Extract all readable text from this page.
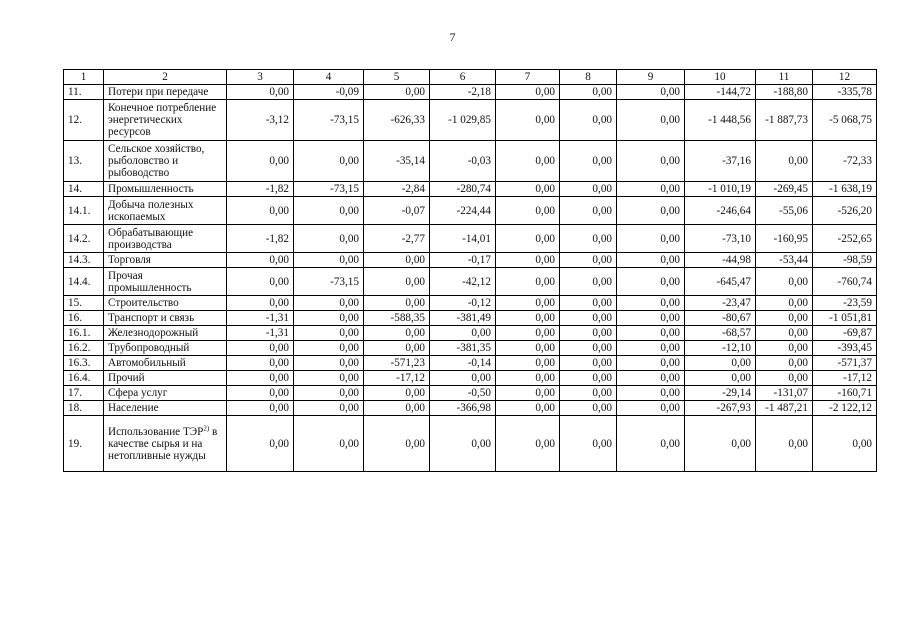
7
1	2	3	4	5	6	7	8	9	10	11	12
11.	Потери при передаче	0,00	-0,09	0,00	-2,18	0,00	0,00	0,00	-144,72	-188,80	-335,78
12.	Конечное потребление энергетических ресурсов	-3,12	-73,15	-626,33	-1 029,85	0,00	0,00	0,00	-1 448,56	-1 887,73	-5 068,75
13.	Сельское хозяйство, рыболовство и рыбоводство	0,00	0,00	-35,14	-0,03	0,00	0,00	0,00	-37,16	0,00	-72,33
14.	Промышленность	-1,82	-73,15	-2,84	-280,74	0,00	0,00	0,00	-1 010,19	-269,45	-1 638,19
14.1.	Добыча полезных ископаемых	0,00	0,00	-0,07	-224,44	0,00	0,00	0,00	-246,64	-55,06	-526,20
14.2.	Обрабатывающие производства	-1,82	0,00	-2,77	-14,01	0,00	0,00	0,00	-73,10	-160,95	-252,65
14.3.	Торговля	0,00	0,00	0,00	-0,17	0,00	0,00	0,00	-44,98	-53,44	-98,59
14.4.	Прочая промышленность	0,00	-73,15	0,00	-42,12	0,00	0,00	0,00	-645,47	0,00	-760,74
15.	Строительство	0,00	0,00	0,00	-0,12	0,00	0,00	0,00	-23,47	0,00	-23,59
16.	Транспорт и связь	-1,31	0,00	-588,35	-381,49	0,00	0,00	0,00	-80,67	0,00	-1 051,81
16.1.	Железнодорожный	-1,31	0,00	0,00	0,00	0,00	0,00	0,00	-68,57	0,00	-69,87
16.2.	Трубопроводный	0,00	0,00	0,00	-381,35	0,00	0,00	0,00	-12,10	0,00	-393,45
16.3.	Автомобильный	0,00	0,00	-571,23	-0,14	0,00	0,00	0,00	0,00	0,00	-571,37
16.4.	Прочий	0,00	0,00	-17,12	0,00	0,00	0,00	0,00	0,00	0,00	-17,12
17.	Сфера услуг	0,00	0,00	0,00	-0,50	0,00	0,00	0,00	-29,14	-131,07	-160,71
18.	Население	0,00	0,00	0,00	-366,98	0,00	0,00	0,00	-267,93	-1 487,21	-2 122,12
19.	Использование ТЭР$^{2)}$ в качестве сырья и на нетопливные нужды	0,00	0,00	0,00	0,00	0,00	0,00	0,00	0,00	0,00	0,00
